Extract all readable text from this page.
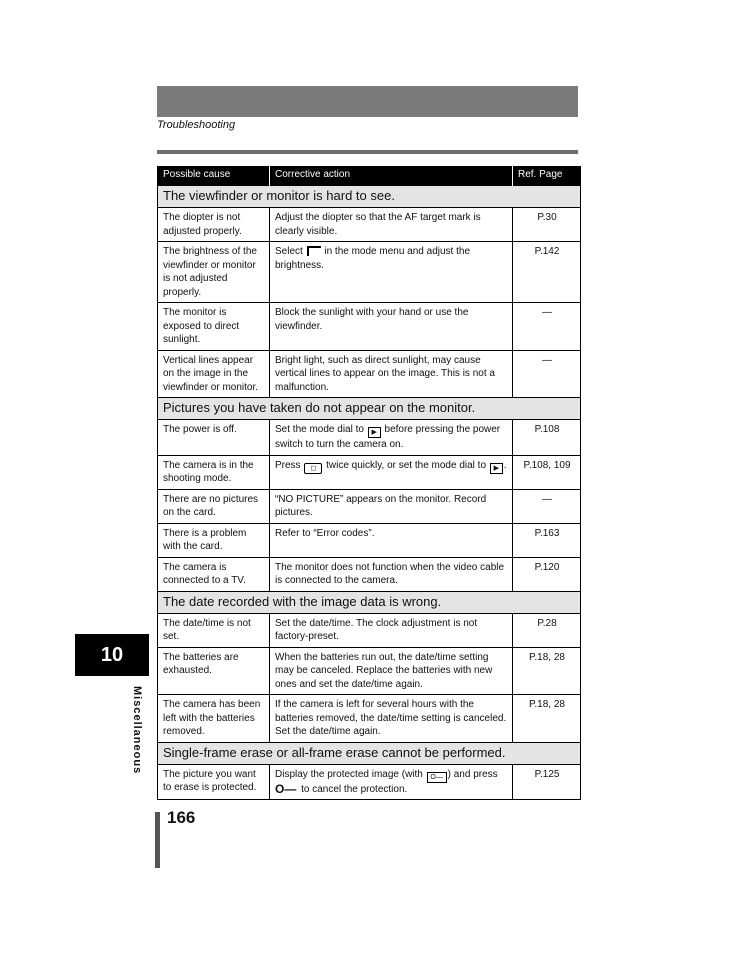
Troubleshooting
Possible cause	Corrective action	Ref. Page
The viewfinder or monitor is hard to see.		
The diopter is not adjusted properly.	Adjust the diopter so that the AF target mark is clearly visible.	P.30
The brightness of the viewfinder or monitor is not adjusted properly.	Select in the mode menu and adjust the brightness.	P.142
The monitor is exposed to direct sunlight.	Block the sunlight with your hand or use the viewfinder.	—
Vertical lines appear on the image in the viewfinder or monitor.	Bright light, such as direct sunlight, may cause vertical lines to appear on the image. This is not a malfunction.	—
Pictures you have taken do not appear on the monitor.		
The power is off.	Set the mode dial to ▶ before pressing the power switch to turn the camera on.	P.108
The camera is in the shooting mode.	Press ◻ twice quickly, or set the mode dial to ▶ .	P.108, 109
There are no pictures on the card.	“NO PICTURE” appears on the monitor. Record pictures.	—
There is a problem with the card.	Refer to “Error codes”.	P.163
The camera is connected to a TV.	The monitor does not function when the video cable is connected to the camera.	P.120
The date recorded with the image data is wrong.		
The date/time is not set.	Set the date/time. The clock adjustment is not factory-preset.	P.28
The batteries are exhausted.	When the batteries run out, the date/time setting may be canceled. Replace the batteries with new ones and set the date/time again.	P.18, 28
The camera has been left with the batteries removed.	If the camera is left for several hours with the batteries removed, the date/time setting is canceled. Set the date/time again.	P.18, 28
Single-frame erase or all-frame erase cannot be performed.		
The picture you want to erase is protected.	Display the protected image (with O— ) and press O— to cancel the protection.	P.125
10
Miscellaneous
166
